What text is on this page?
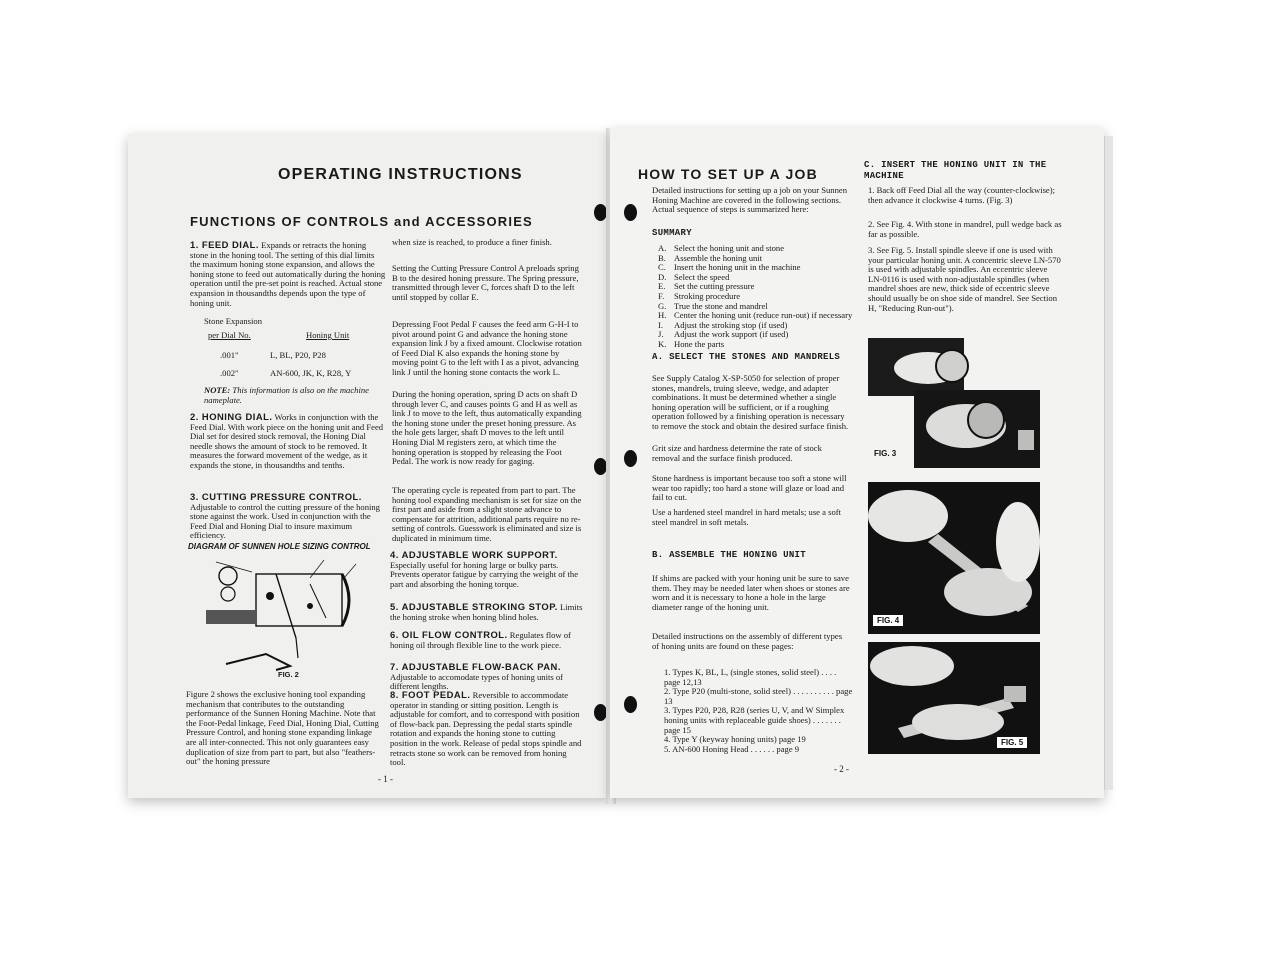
OPERATING INSTRUCTIONS
FUNCTIONS OF CONTROLS and ACCESSORIES
1. FEED DIAL. Expands or retracts the honing stone in the honing tool. The setting of this dial limits the maximum honing stone expansion, and allows the honing stone to feed out automatically during the honing operation until the pre-set point is reached. Actual stone expansion in thousandths depends upon the type of honing unit.
Stone Expansion
per Dial No.	Honing Unit
.001"	L, BL, P20, P28
.002"	AN-600, JK, K, R28, Y
NOTE: This information is also on the machine nameplate.
2. HONING DIAL. Works in conjunction with the Feed Dial. With work piece on the honing unit and Feed Dial set for desired stock removal, the Honing Dial needle shows the amount of stock to be removed. It measures the forward movement of the wedge, as it expands the stone, in thousandths and tenths.
3. CUTTING PRESSURE CONTROL. Adjustable to control the cutting pressure of the honing stone against the work. Used in conjunction with the Feed Dial and Honing Dial to insure maximum efficiency.
DIAGRAM OF SUNNEN HOLE SIZING CONTROL
FIG. 2
Figure 2 shows the exclusive honing tool expanding mechanism that contributes to the outstanding performance of the Sunnen Honing Machine. Note that the Foot-Pedal linkage, Feed Dial, Honing Dial, Cutting Pressure Control, and honing stone expanding linkage are all inter-connected. This not only guarantees easy duplication of size from part to part, but also "feathers-out" the honing pressure
when size is reached, to produce a finer finish.
Setting the Cutting Pressure Control A preloads spring B to the desired honing pressure. The Spring pressure, transmitted through lever C, forces shaft D to the left until stopped by collar E.
Depressing Foot Pedal F causes the feed arm G-H-I to pivot around point G and advance the honing stone expansion link J by a fixed amount. Clockwise rotation of Feed Dial K also expands the honing stone by moving point G to the left with I as a pivot, advancing link J until the honing stone contacts the work L.
During the honing operation, spring D acts on shaft D through lever C, and causes points G and H as well as link J to move to the left, thus automatically expanding the honing stone under the preset honing pressure. As the hole gets larger, shaft D moves to the left until Honing Dial M registers zero, at which time the honing operation is stopped by releasing the Foot Pedal. The work is now ready for gaging.
The operating cycle is repeated from part to part. The honing tool expanding mechanism is set for size on the first part and aside from a slight stone advance to compensate for attrition, additional parts require no re-setting of controls. Guesswork is eliminated and size is duplicated in minimum time.
4. ADJUSTABLE WORK SUPPORT. Especially useful for honing large or bulky parts. Prevents operator fatigue by carrying the weight of the part and absorbing the honing torque.
5. ADJUSTABLE STROKING STOP. Limits the honing stroke when honing blind holes.
6. OIL FLOW CONTROL. Regulates flow of honing oil through flexible line to the work piece.
7. ADJUSTABLE FLOW-BACK PAN. Adjustable to accomodate types of honing units of different lengths.
8. FOOT PEDAL. Reversible to accommodate operator in standing or sitting position. Length is adjustable for comfort, and to correspond with position of flow-back pan. Depressing the pedal starts spindle rotation and expands the honing stone to cutting position in the work. Release of pedal stops spindle and retracts stone so work can be removed from honing tool.
- 1 -
HOW TO SET UP A JOB
Detailed instructions for setting up a job on your Sunnen Honing Machine are covered in the following sections. Actual sequence of steps is summarized here:
SUMMARY
A. Select the honing unit and stone
B. Assemble the honing unit
C. Insert the honing unit in the machine
D. Select the speed
E. Set the cutting pressure
F.	Stroking procedure
G. True the stone and mandrel
H. Center the honing unit (reduce run-out) if necessary
I.	Adjust the stroking stop (if used)
J.	Adjust the work support (if used)
K. Hone the parts
A. SELECT THE STONES AND MANDRELS
See Supply Catalog X-SP-5050 for selection of proper stones, mandrels, truing sleeve, wedge, and adapter combinations. It must be determined whether a single honing operation will be sufficient, or if a roughing operation followed by a finishing operation is necessary to remove the stock and obtain the desired surface finish.
Grit size and hardness determine the rate of stock removal and the surface finish produced.
Stone hardness is important because too soft a stone will wear too rapidly; too hard a stone will glaze or load and fail to cut.
Use a hardened steel mandrel in hard metals; use a soft steel mandrel in soft metals.
B. ASSEMBLE THE HONING UNIT
If shims are packed with your honing unit be sure to save them. They may be needed later when shoes or stones are worn and it is necessary to hone a hole in the large diameter range of the honing unit.
Detailed instructions on the assembly of different types of honing units are found on these pages:
1. Types K, BL, L, (single stones, solid steel) . . . . page 12,13
2. Type P20 (multi-stone, solid steel) . . . . . . . . . . page 13
3. Types P20, P28, R28 (series U, V, and W Simplex honing units with replaceable guide shoes) . . . . . . . page 15
4. Type Y (keyway honing units) page 19
5. AN-600 Honing Head . . . . . . page 9
- 2 -
C. INSERT THE HONING UNIT IN THE MACHINE
1. Back off Feed Dial all the way (counter-clockwise); then advance it clockwise 4 turns. (Fig. 3)
2. See Fig. 4. With stone in mandrel, pull wedge back as far as possible.
3. See Fig. 5. Install spindle sleeve if one is used with your particular honing unit. A concentric sleeve LN-570 is used with adjustable spindles. An eccentric sleeve LN-0116 is used with non-adjustable spindles (when mandrel shoes are new, thick side of eccentric sleeve should usually be on shoe side of mandrel. See Section H, "Reducing Run-out").
FIG. 3
FIG. 4
FIG. 5
